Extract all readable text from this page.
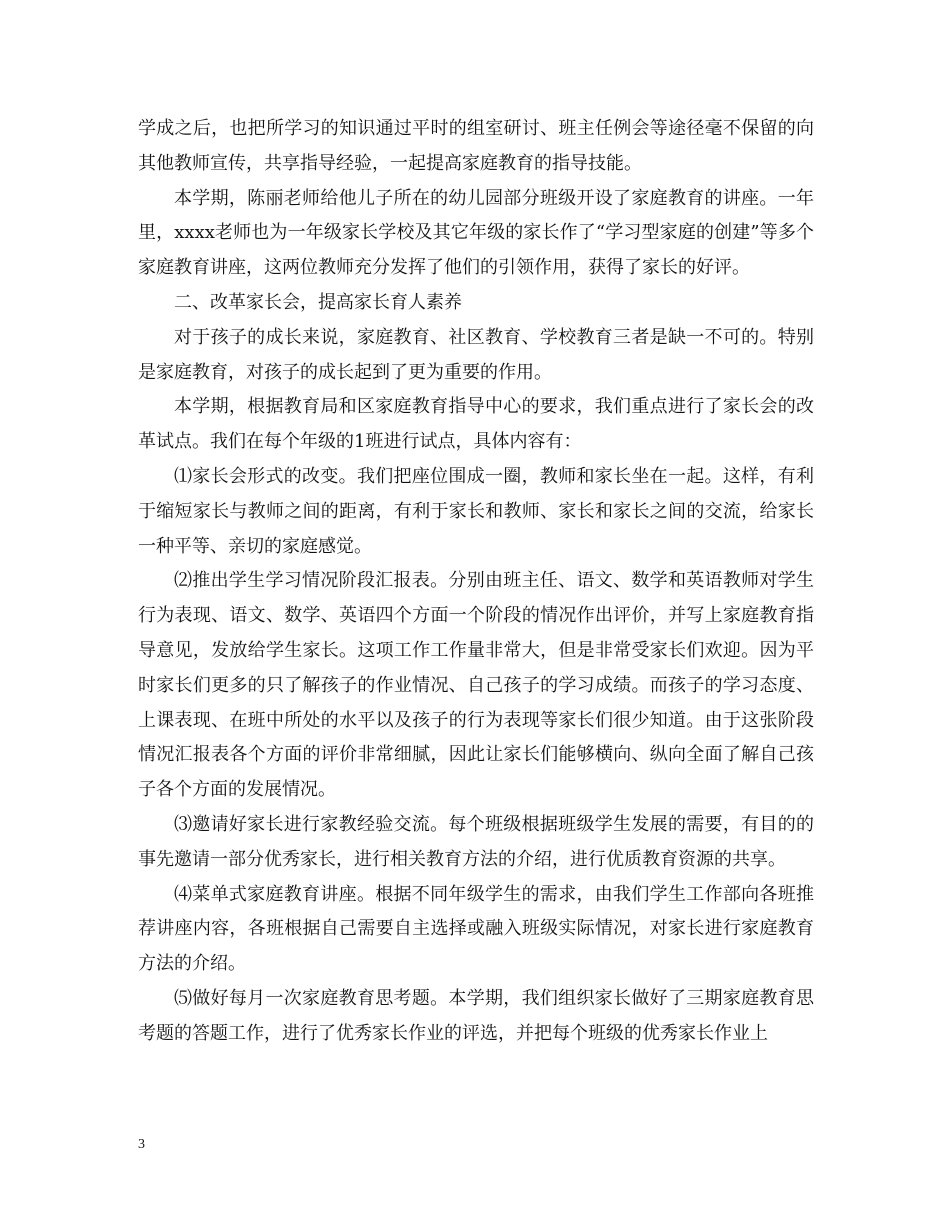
学成之后，也把所学习的知识通过平时的组室研讨、班主任例会等途径毫不保留的向其他教师宣传，共享指导经验，一起提高家庭教育的指导技能。

本学期，陈丽老师给他儿子所在的幼儿园部分班级开设了家庭教育的讲座。一年里，xxxx老师也为一年级家长学校及其它年级的家长作了“学习型家庭的创建”等多个家庭教育讲座，这两位教师充分发挥了他们的引领作用，获得了家长的好评。

二、改革家长会，提高家长育人素养

对于孩子的成长来说，家庭教育、社区教育、学校教育三者是缺一不可的。特别是家庭教育，对孩子的成长起到了更为重要的作用。

本学期，根据教育局和区家庭教育指导中心的要求，我们重点进行了家长会的改革试点。我们在每个年级的1班进行试点，具体内容有：

⑴家长会形式的改变。我们把座位围成一圈，教师和家长坐在一起。这样，有利于缩短家长与教师之间的距离，有利于家长和教师、家长和家长之间的交流，给家长一种平等、亲切的家庭感觉。

⑵推出学生学习情况阶段汇报表。分别由班主任、语文、数学和英语教师对学生行为表现、语文、数学、英语四个方面一个阶段的情况作出评价，并写上家庭教育指导意见，发放给学生家长。这项工作工作量非常大，但是非常受家长们欢迎。因为平时家长们更多的只了解孩子的作业情况、自己孩子的学习成绩。而孩子的学习态度、上课表现、在班中所处的水平以及孩子的行为表现等家长们很少知道。由于这张阶段情况汇报表各个方面的评价非常细腻，因此让家长们能够横向、纵向全面了解自己孩子各个方面的发展情况。

⑶邀请好家长进行家教经验交流。每个班级根据班级学生发展的需要，有目的的事先邀请一部分优秀家长，进行相关教育方法的介绍，进行优质教育资源的共享。

⑷菜单式家庭教育讲座。根据不同年级学生的需求，由我们学生工作部向各班推荐讲座内容，各班根据自己需要自主选择或融入班级实际情况，对家长进行家庭教育方法的介绍。

⑸做好每月一次家庭教育思考题。本学期，我们组织家长做好了三期家庭教育思考题的答题工作，进行了优秀家长作业的评选，并把每个班级的优秀家长作业上

3
